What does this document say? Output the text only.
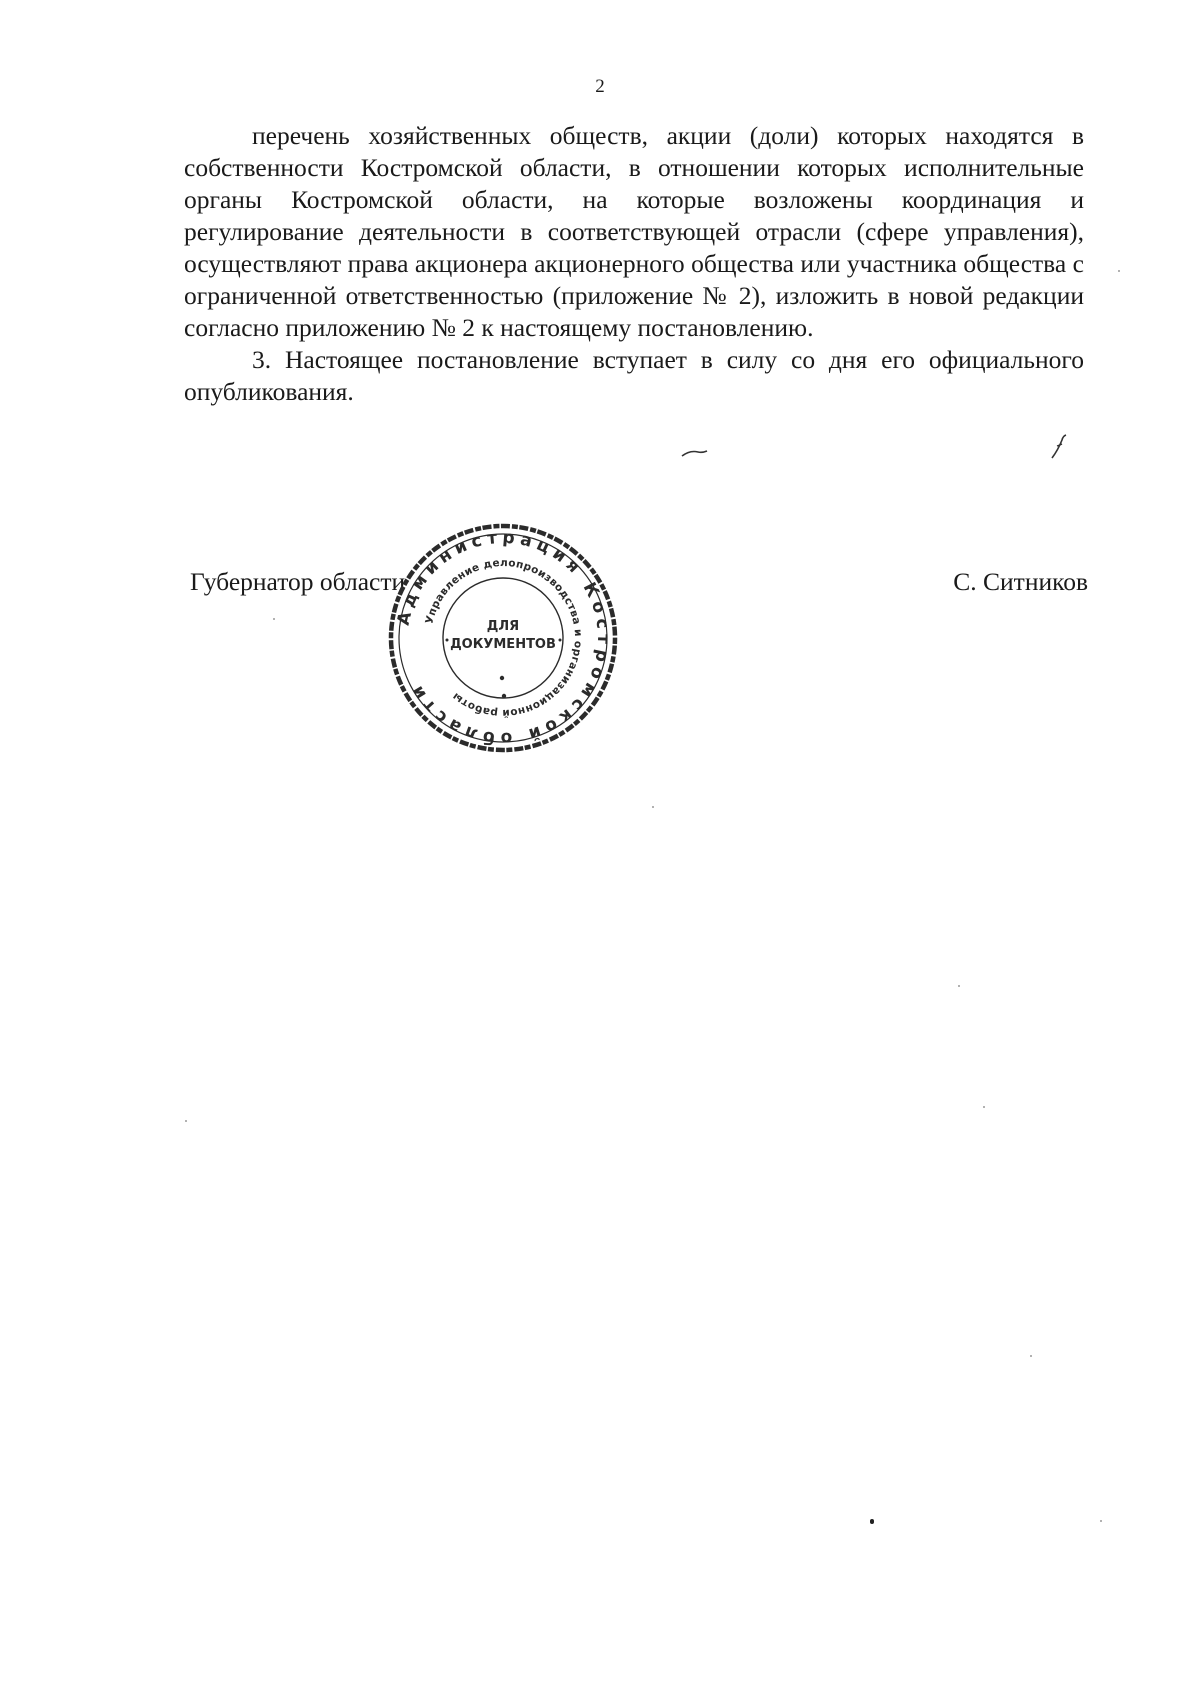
2

перечень хозяйственных обществ, акции (доли) которых находятся в собственности Костромской области, в отношении которых исполнительные органы Костромской области, на которые возложены координация и регулирование деятельности в соответствующей отрасли (сфере управления), осуществляют права акционера акционерного общества или участника общества с ограниченной ответственностью (приложение № 2), изложить в новой редакции согласно приложению № 2 к настоящему постановлению.

3. Настоящее постановление вступает в силу со дня его официального опубликования.

Губернатор области	С. Ситников
Администрация Костромской области
Управление делопроизводства и организационной работы
ДЛЯ
ДОКУМЕНТОВ
